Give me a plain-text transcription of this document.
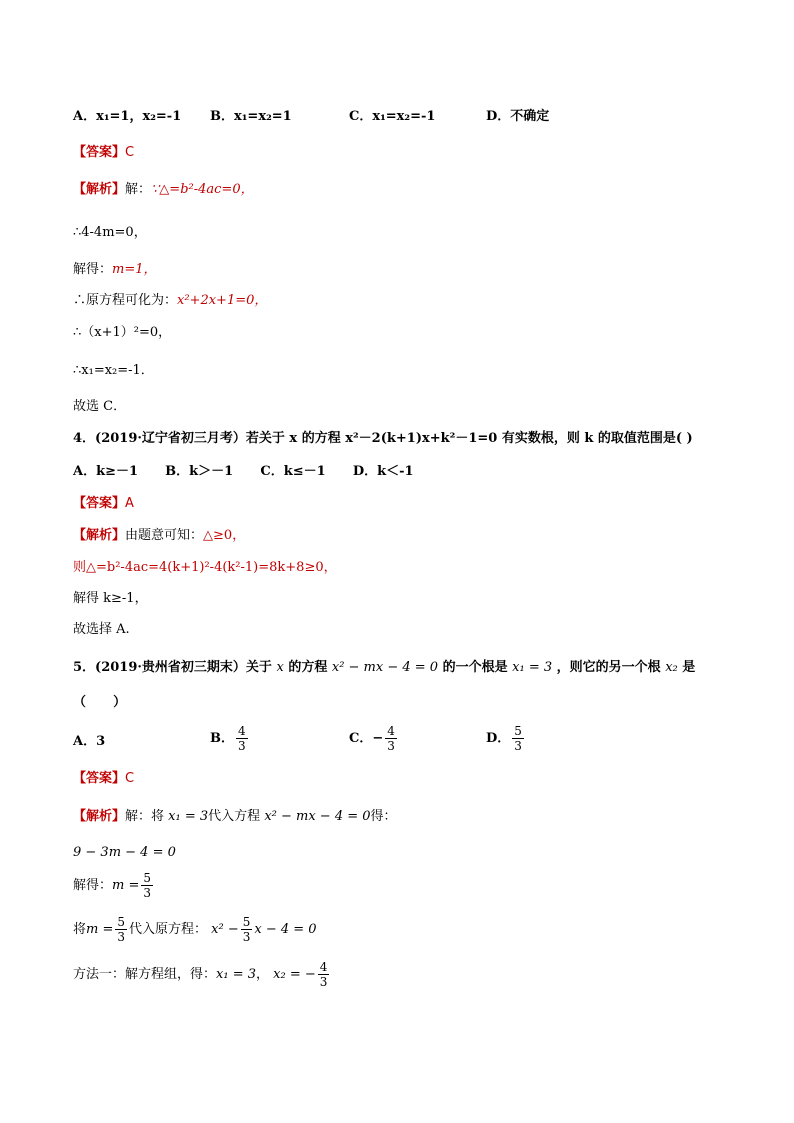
A．x₁=1，x₂=-1 B．x₁=x₂=1	C．x₁=x₂=-1	D．不确定
【答案】C
【解析】解：∵△=b²-4ac=0，
∴4-4m=0，
解得：m=1，
∴原方程可化为：x²+2x+1=0，
∴（x+1）²=0，
∴x₁=x₂=-1．
故选 C．
4．(2019·辽宁省初三月考）若关于 x 的方程 x²－2(k+1)x+k²－1=0 有实数根，则 k 的取值范围是( )
A．k≥－1      B．k＞－1      C．k≤－1      D．k＜-1
【答案】A
【解析】由题意可知：△≥0，
则△=b²-4ac=4(k+1)²-4(k²-1)=8k+8≥0，
解得 k≥-1，
故选择 A.
5．(2019·贵州省初三期末）关于 x 的方程 x² − mx − 4 = 0 的一个根是 x₁ = 3 ，则它的另一个根 x₂ 是
（      ）
A．3	B． $\frac{4}{3}$	C．− $\frac{4}{3}$	D． $\frac{5}{3}$
【答案】C
【解析】解：将 x₁ = 3代入方程 x² − mx − 4 = 0得：
9 − 3m − 4 = 0
解得：$m = \frac{5}{3}$
将$m = \frac{5}{3}$ 代入原方程： $x^2 - \frac{5}{3}$ x − 4 = 0
方法一：解方程组，得：x₁ = 3， x₂ = − $\frac{4}{3}$
